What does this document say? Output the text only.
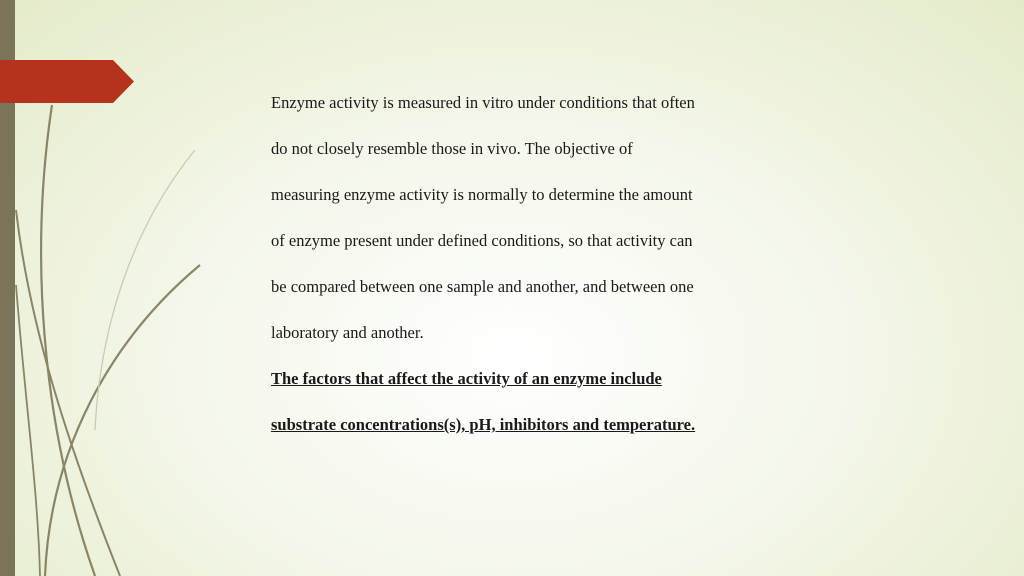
Enzyme activity is measured in vitro under conditions that often
do not closely resemble those in vivo. The objective of
measuring enzyme activity is normally to determine the amount
of enzyme present under defined conditions, so that activity can
be compared between one sample and another, and between one
laboratory and another.
The factors that affect the activity of an enzyme include
substrate concentrations(s), pH, inhibitors and temperature.
